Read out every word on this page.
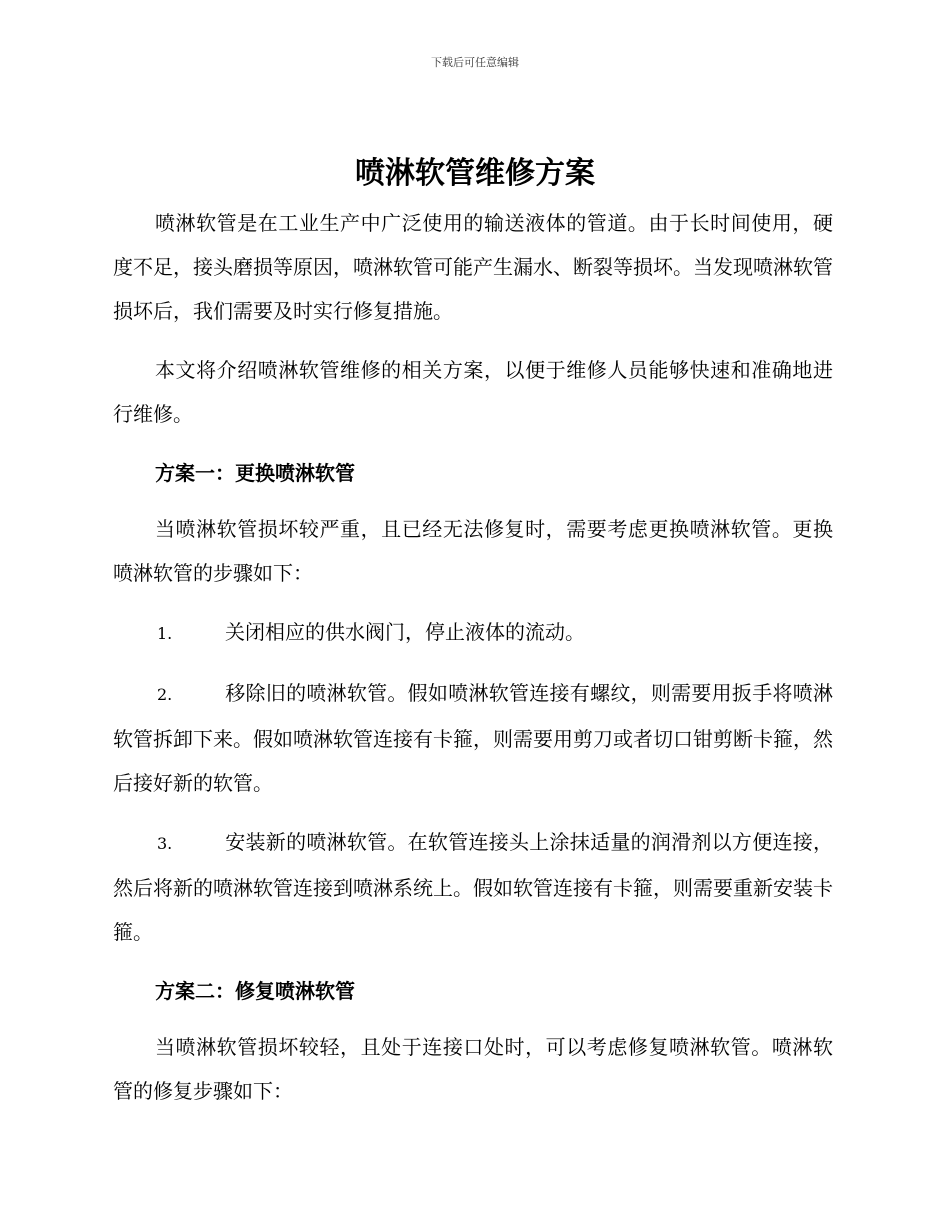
下载后可任意编辑
喷淋软管维修方案

喷淋软管是在工业生产中广泛使用的输送液体的管道。由于长时间使用，硬度不足，接头磨损等原因，喷淋软管可能产生漏水、断裂等损坏。当发现喷淋软管损坏后，我们需要及时实行修复措施。

本文将介绍喷淋软管维修的相关方案，以便于维修人员能够快速和准确地进行维修。

方案一：更换喷淋软管

当喷淋软管损坏较严重，且已经无法修复时，需要考虑更换喷淋软管。更换喷淋软管的步骤如下：

1.	关闭相应的供水阀门，停止液体的流动。

2.	移除旧的喷淋软管。假如喷淋软管连接有螺纹，则需要用扳手将喷淋软管拆卸下来。假如喷淋软管连接有卡箍，则需要用剪刀或者切口钳剪断卡箍，然后接好新的软管。

3.	安装新的喷淋软管。在软管连接头上涂抹适量的润滑剂以方便连接，然后将新的喷淋软管连接到喷淋系统上。假如软管连接有卡箍，则需要重新安装卡箍。

方案二：修复喷淋软管

当喷淋软管损坏较轻，且处于连接口处时，可以考虑修复喷淋软管。喷淋软管的修复步骤如下：
